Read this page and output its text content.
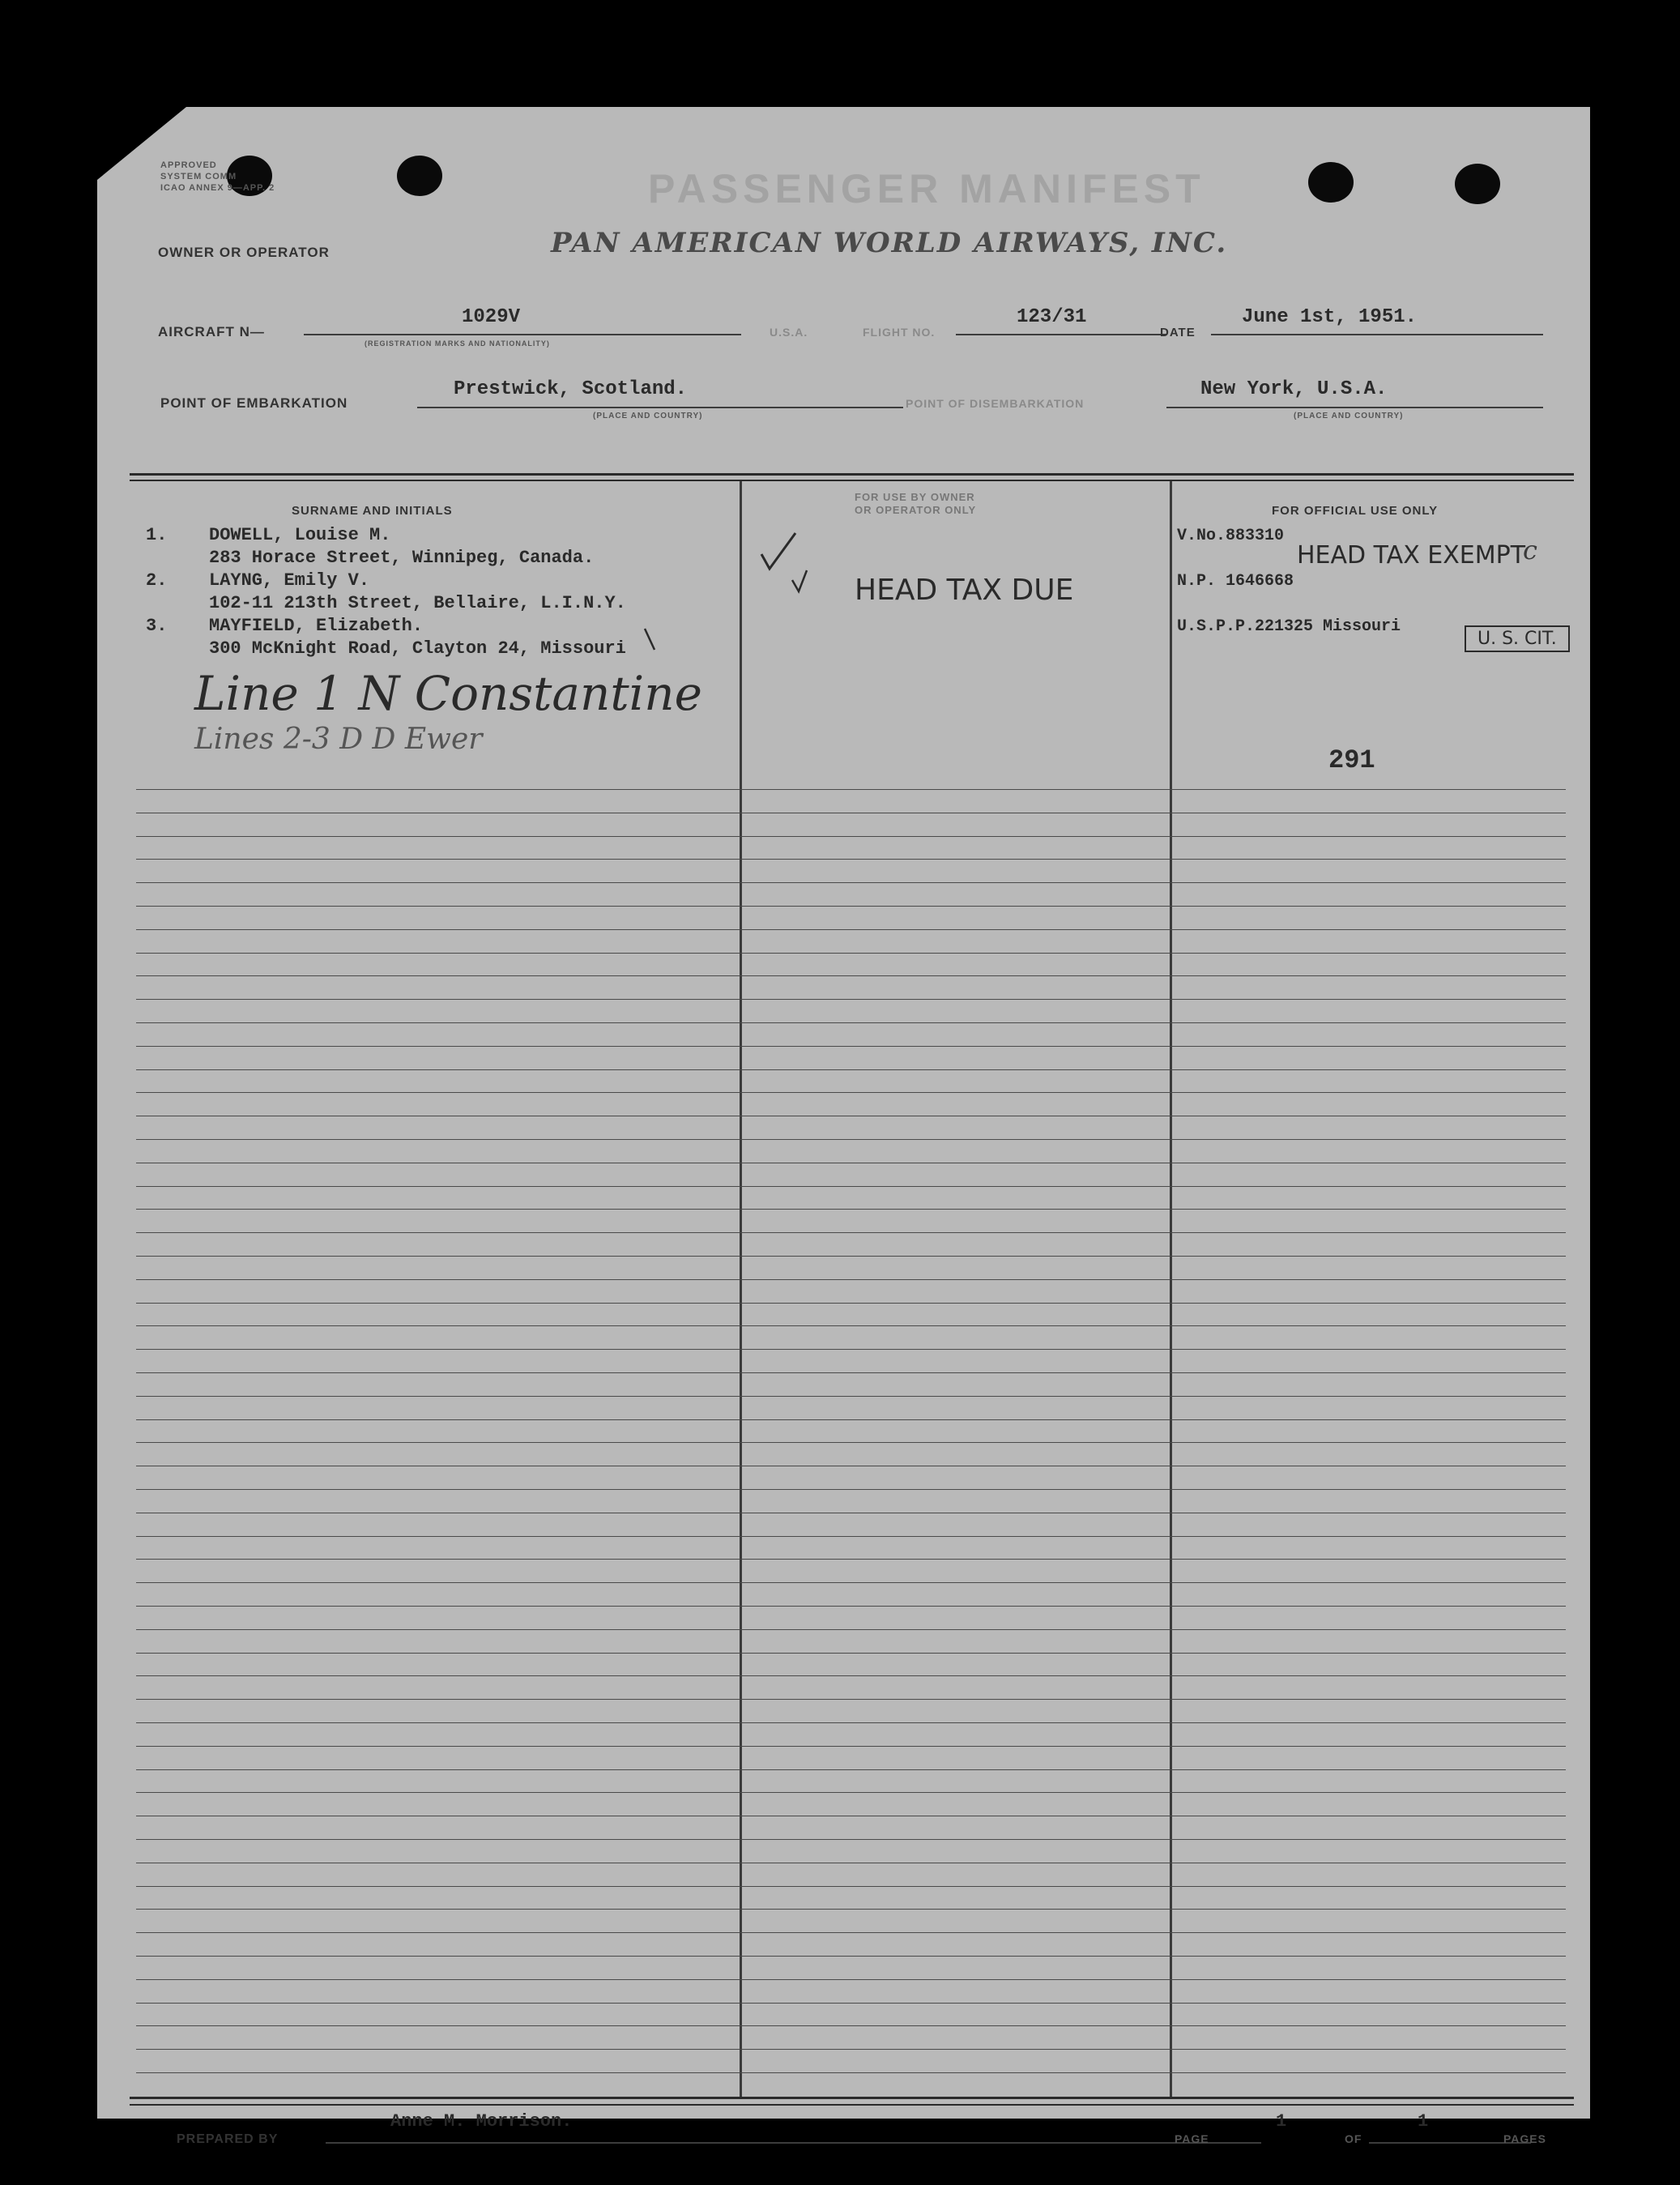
APPROVED
SYSTEM COMM
ICAO ANNEX 9—APP. 2	PASSENGER MANIFEST
OWNER OR OPERATOR	PAN AMERICAN WORLD AIRWAYS, INC.
AIRCRAFT N—
1029V
(REGISTRATION MARKS AND NATIONALITY)
U.S.A.	FLIGHT NO.
123/31
DATE
June 1st, 1951.
POINT OF EMBARKATION
Prestwick, Scotland.
(PLACE AND COUNTRY)
POINT OF DISEMBARKATION
New York, U.S.A.
(PLACE AND COUNTRY)
SURNAME AND INITIALS
FOR USE BY OWNER
OR OPERATOR ONLY	FOR OFFICIAL USE ONLY
1. DOWELL, Louise M.
283 Horace Street, Winnipeg, Canada.
2. LAYNG, Emily V.
102-11 213th Street, Bellaire, L.I.N.Y.
3. MAYFIELD, Elizabeth.
300 McKnight Road, Clayton 24, Missouri
V.No.883310
N.P. 1646668
U.S.P.P.221325 Missouri
HEAD TAX EXEMPT
c
HEAD TAX DUE
U. S. CIT.
Line 1 N Constantine
Lines 2-3 D D Ewer
291
PREPARED BY
Anne M. Morrison.
PAGE
1
OF
1
PAGES
